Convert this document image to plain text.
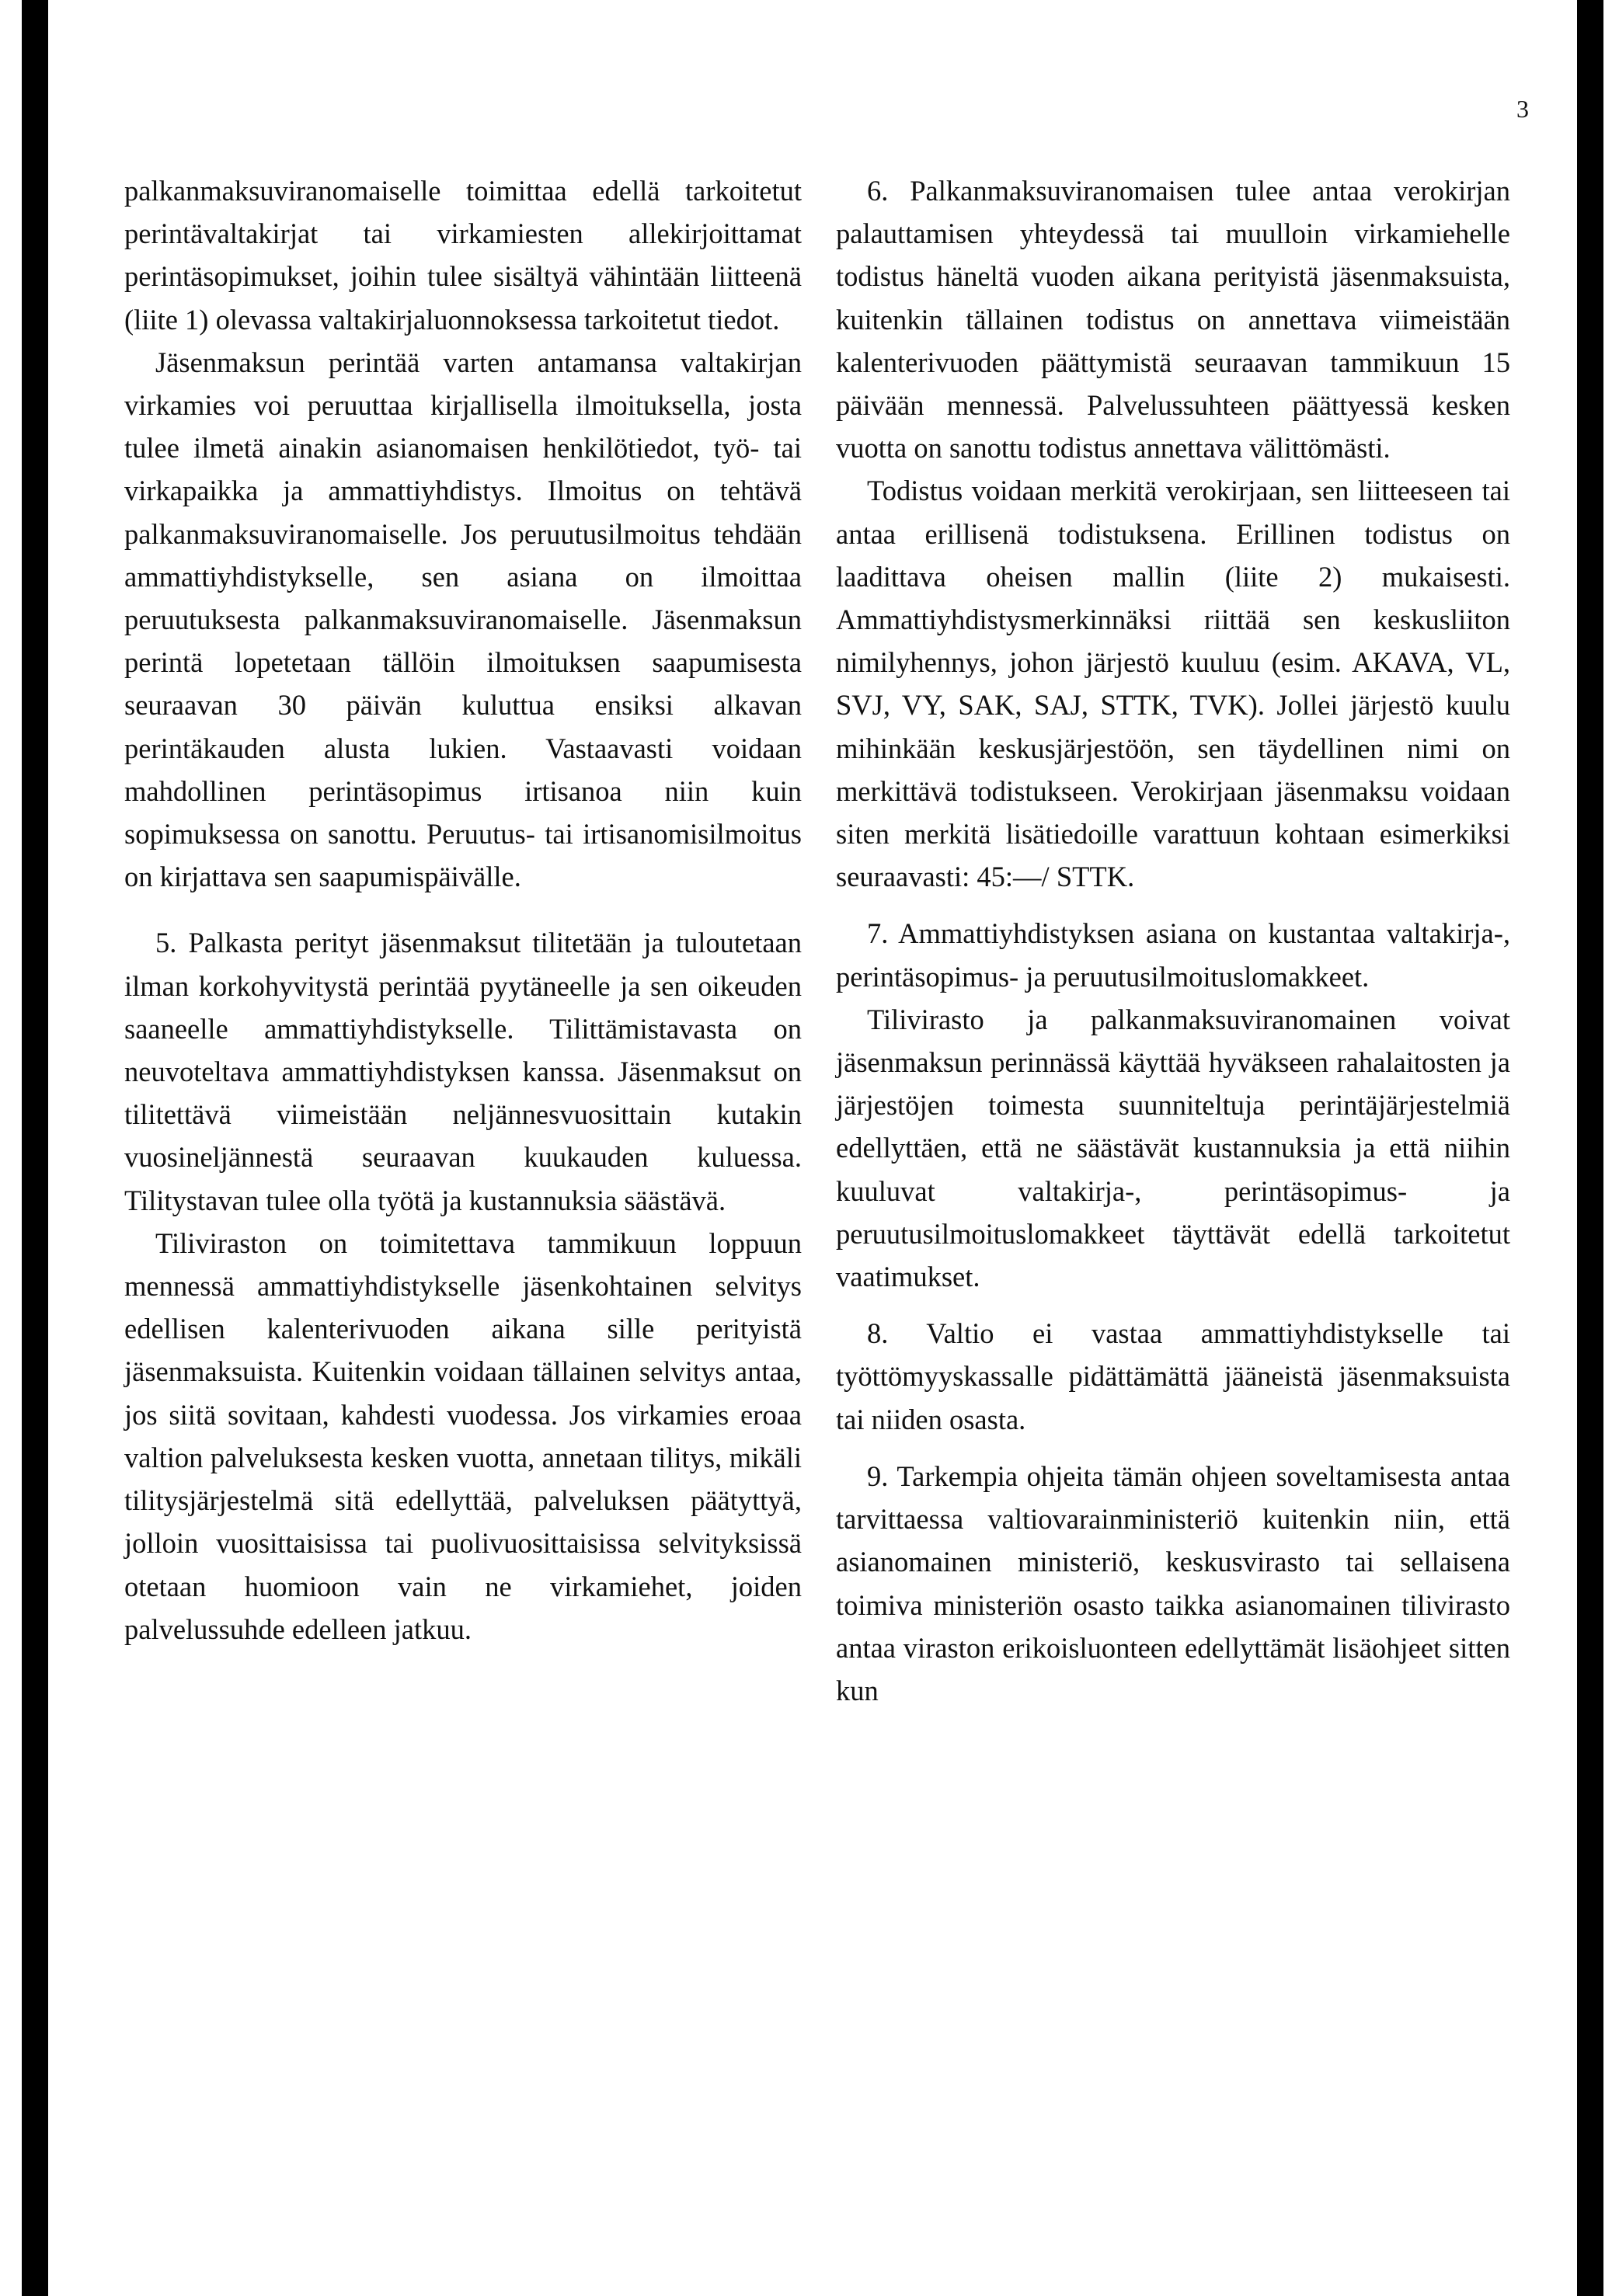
3

palkanmaksuviranomaiselle toimittaa edellä tarkoitetut perintävaltakirjat tai virkamiesten allekirjoittamat perintäsopimukset, joihin tulee sisältyä vähintään liitteenä (liite 1) olevassa valtakirjaluonnoksessa tarkoitetut tiedot.

Jäsenmaksun perintää varten antamansa valtakirjan virkamies voi peruuttaa kirjallisella ilmoituksella, josta tulee ilmetä ainakin asianomaisen henkilötiedot, työ- tai virkapaikka ja ammattiyhdistys. Ilmoitus on tehtävä palkanmaksuviranomaiselle. Jos peruutusilmoitus tehdään ammattiyhdistykselle, sen asiana on ilmoittaa peruutuksesta palkanmaksuviranomaiselle. Jäsenmaksun perintä lopetetaan tällöin ilmoituksen saapumisesta seuraavan 30 päivän kuluttua ensiksi alkavan perintäkauden alusta lukien. Vastaavasti voidaan mahdollinen perintäsopimus irtisanoa niin kuin sopimuksessa on sanottu. Peruutus- tai irtisanomisilmoitus on kirjattava sen saapumispäivälle.

5. Palkasta perityt jäsenmaksut tilitetään ja tuloutetaan ilman korkohyvitystä perintää pyytäneelle ja sen oikeuden saaneelle ammattiyhdistykselle. Tilittämistavasta on neuvoteltava ammattiyhdistyksen kanssa. Jäsenmaksut on tilitettävä viimeistään neljännesvuosittain kutakin vuosineljännestä seuraavan kuukauden kuluessa. Tilitystavan tulee olla työtä ja kustannuksia säästävä.

Tiliviraston on toimitettava tammikuun loppuun mennessä ammattiyhdistykselle jäsenkohtainen selvitys edellisen kalenterivuoden aikana sille perityistä jäsenmaksuista. Kuitenkin voidaan tällainen selvitys antaa, jos siitä sovitaan, kahdesti vuodessa. Jos virkamies eroaa valtion palveluksesta kesken vuotta, annetaan tilitys, mikäli tilitysjärjestelmä sitä edellyttää, palveluksen päätyttyä, jolloin vuosittaisissa tai puolivuosittaisissa selvityksissä otetaan huomioon vain ne virkamiehet, joiden palvelussuhde edelleen jatkuu.

6. Palkanmaksuviranomaisen tulee antaa verokirjan palauttamisen yhteydessä tai muulloin virkamiehelle todistus häneltä vuoden aikana perityistä jäsenmaksuista, kuitenkin tällainen todistus on annettava viimeistään kalenterivuoden päättymistä seuraavan tammikuun 15 päivään mennessä. Palvelussuhteen päättyessä kesken vuotta on sanottu todistus annettava välittömästi.

Todistus voidaan merkitä verokirjaan, sen liitteeseen tai antaa erillisenä todistuksena. Erillinen todistus on laadittava oheisen mallin (liite 2) mukaisesti. Ammattiyhdistysmerkinnäksi riittää sen keskusliiton nimilyhennys, johon järjestö kuuluu (esim. AKAVA, VL, SVJ, VY, SAK, SAJ, STTK, TVK). Jollei järjestö kuulu mihinkään keskusjärjestöön, sen täydellinen nimi on merkittävä todistukseen. Verokirjaan jäsenmaksu voidaan siten merkitä lisätiedoille varattuun kohtaan esimerkiksi seuraavasti: 45:—/ STTK.

7. Ammattiyhdistyksen asiana on kustantaa valtakirja-, perintäsopimus- ja peruutusilmoituslomakkeet.

Tilivirasto ja palkanmaksuviranomainen voivat jäsenmaksun perinnässä käyttää hyväkseen rahalaitosten ja järjestöjen toimesta suunniteltuja perintäjärjestelmiä edellyttäen, että ne säästävät kustannuksia ja että niihin kuuluvat valtakirja-, perintäsopimus- ja peruutusilmoituslomakkeet täyttävät edellä tarkoitetut vaatimukset.

8. Valtio ei vastaa ammattiyhdistykselle tai työttömyyskassalle pidättämättä jääneistä jäsenmaksuista tai niiden osasta.

9. Tarkempia ohjeita tämän ohjeen soveltamisesta antaa tarvittaessa valtiovarainministeriö kuitenkin niin, että asianomainen ministeriö, keskusvirasto tai sellaisena toimiva ministeriön osasto taikka asianomainen tilivirasto antaa viraston erikoisluonteen edellyttämät lisäohjeet sitten kun
